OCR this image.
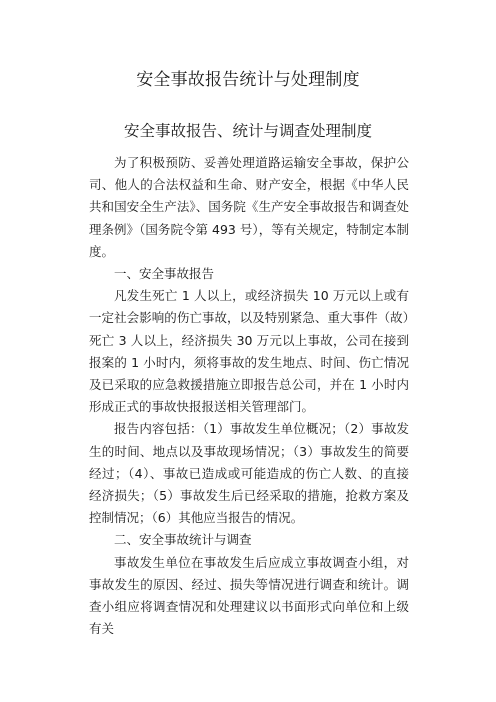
安全事故报告统计与处理制度
安全事故报告、统计与调查处理制度

为了积极预防、妥善处理道路运输安全事故，保护公司、他人的合法权益和生命、财产安全，根据《中华人民共和国安全生产法》、国务院《生产安全事故报告和调查处理条例》（国务院令第 493 号），等有关规定，特制定本制度。

一、安全事故报告

凡发生死亡 1 人以上，或经济损失 10 万元以上或有一定社会影响的伤亡事故，以及特别紧急、重大事件（故）死亡 3 人以上，经济损失 30 万元以上事故，公司在接到报案的 1 小时内，须将事故的发生地点、时间、伤亡情况及已采取的应急救援措施立即报告总公司，并在 1 小时内形成正式的事故快报报送相关管理部门。

报告内容包括：（1）事故发生单位概况；（2）事故发生的时间、地点以及事故现场情况；（3）事故发生的简要经过；（4）、事故已造成或可能造成的伤亡人数、的直接经济损失；（5）事故发生后已经采取的措施，抢救方案及控制情况；（6）其他应当报告的情况。

二、安全事故统计与调查

事故发生单位在事故发生后应成立事故调查小组，对事故发生的原因、经过、损失等情况进行调查和统计。调查小组应将调查情况和处理建议以书面形式向单位和上级有关
